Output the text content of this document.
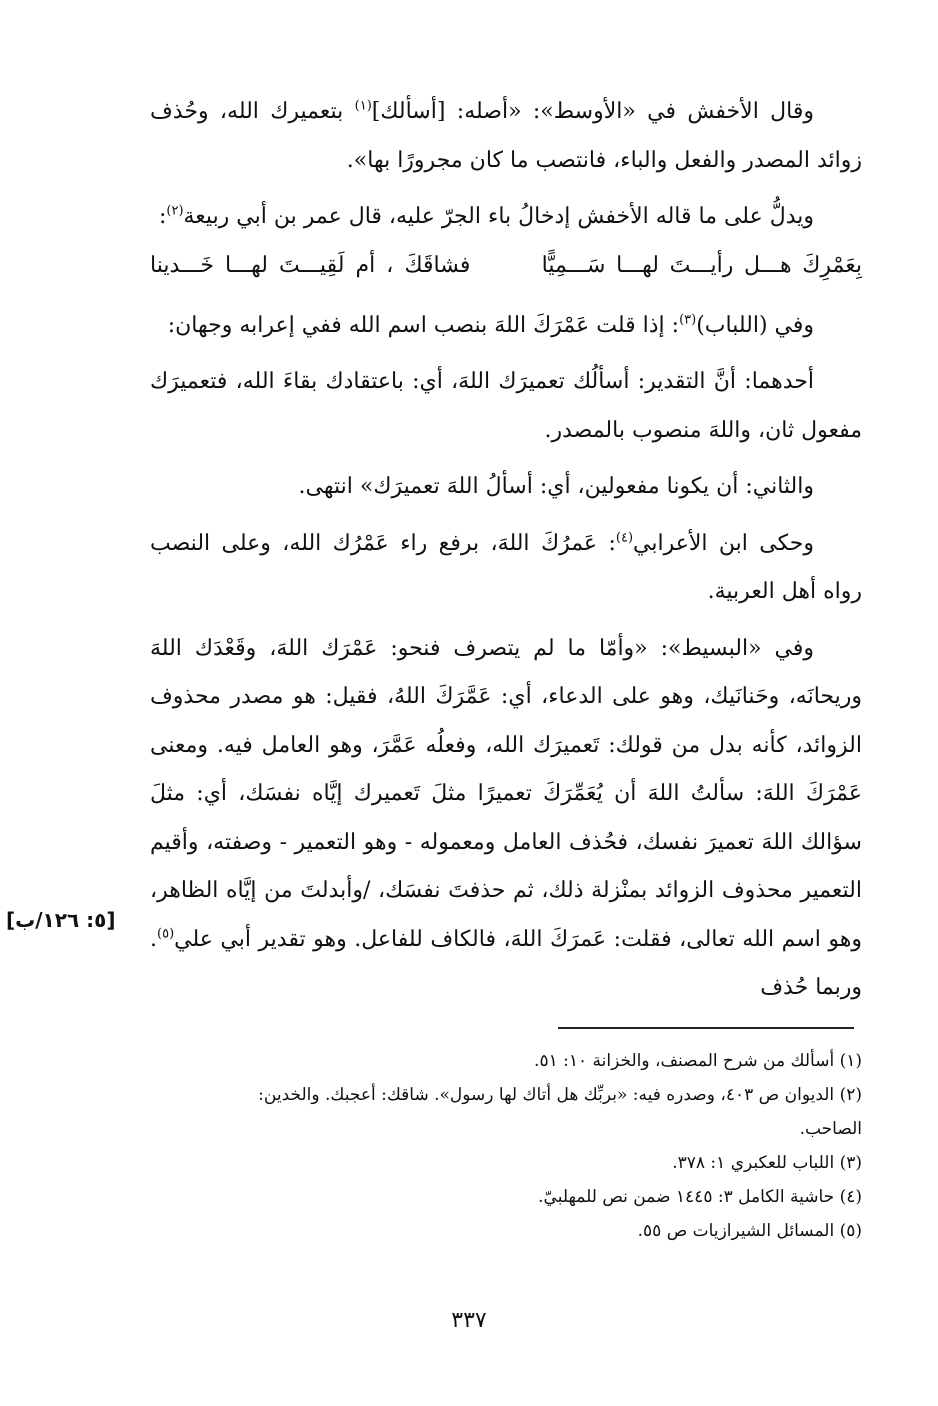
وقال الأخفش في «الأوسط»: «أصله: [أسألك]$^{(١)}$ بتعميرك الله، وحُذف زوائد المصدر والفعل والباء، فانتصب ما كان مجرورًا بها».

ويدلُّ على ما قاله الأخفش إدخالُ باء الجرّ عليه، قال عمر بن أبي ربيعة$^{(٢)}$:

بِعَمْرِكَ هـــل رأيـــتَ لهـــا سَـــمِيًّا
فشاقَكَ ، أم لَقِيـــتَ لهـــا خَـــدينا

وفي (اللباب)$^{(٣)}$: إذا قلت عَمْرَكَ اللهَ بنصب اسم الله ففي إعرابه وجهان:

أحدهما: أنَّ التقدير: أسألُك تعميرَك اللهَ، أي: باعتقادك بقاءَ الله، فتعميرَك مفعول ثان، واللهَ منصوب بالمصدر.

والثاني: أن يكونا مفعولين، أي: أسألُ اللهَ تعميرَك» انتهى.

وحكى ابن الأعرابي$^{(٤)}$: عَمرُكَ اللهَ، برفع راء عَمْرُك الله، وعلى النصب رواه أهل العربية.

وفي «البسيط»: «وأمّا ما لم يتصرف فنحو: عَمْرَك اللهَ، وقَعْدَك اللهَ وريحانَه، وحَنانَيك، وهو على الدعاء، أي: عَمَّرَكَ اللهُ، فقيل: هو مصدر محذوف الزوائد، كأنه بدل من قولك: تَعميرَك الله، وفعلُه عَمَّرَ، وهو العامل فيه. ومعنى عَمْرَكَ اللهَ: سألتُ اللهَ أن يُعَمِّرَكَ تعميرًا مثلَ تَعميرك إيَّاه نفسَك، أي: مثلَ سؤالك اللهَ تعميرَ نفسك، فحُذف العامل ومعموله - وهو التعمير - وصفته، وأقيم التعمير محذوف الزوائد بمنْزلة ذلك، ثم حذفتَ نفسَك، /وأبدلتَ من إيَّاه الظاهر، وهو اسم الله تعالى، فقلت: عَمرَكَ اللهَ، فالكاف للفاعل. وهو تقدير أبي علي$^{(٥)}$. وربما حُذف

[٥: ١٢٦/ب]

(١) أسألك من شرح المصنف، والخزانة ١٠: ٥١.

(٢) الديوان ص ٤٠٣، وصدره فيه: «بربِّك هل أتاك لها رسول». شاقك: أعجبك. والخدين:

الصاحب.

(٣) اللباب للعكبري ١: ٣٧٨.

(٤) حاشية الكامل ٣: ١٤٤٥ ضمن نص للمهلبيّ.

(٥) المسائل الشيرازيات ص ٥٥.

٣٣٧
